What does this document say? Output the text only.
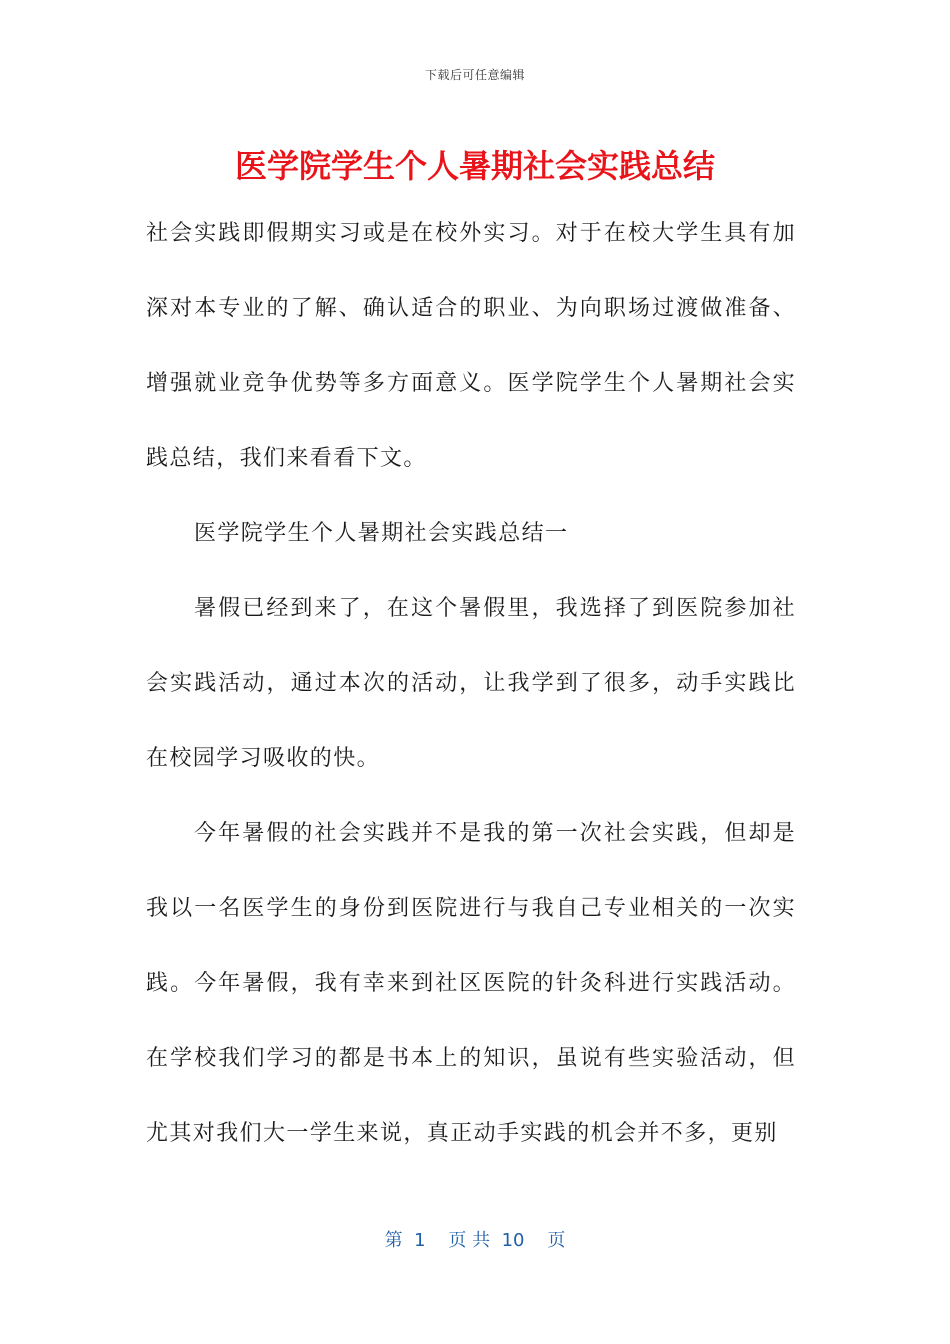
下载后可任意编辑
医学院学生个人暑期社会实践总结

社会实践即假期实习或是在校外实习。对于在校大学生具有加深对本专业的了解、确认适合的职业、为向职场过渡做准备、增强就业竞争优势等多方面意义。医学院学生个人暑期社会实践总结，我们来看看下文。

医学院学生个人暑期社会实践总结一

暑假已经到来了，在这个暑假里，我选择了到医院参加社会实践活动，通过本次的活动，让我学到了很多，动手实践比在校园学习吸收的快。

今年暑假的社会实践并不是我的第一次社会实践，但却是我以一名医学生的身份到医院进行与我自己专业相关的一次实践。今年暑假，我有幸来到社区医院的针灸科进行实践活动。在学校我们学习的都是书本上的知识，虽说有些实验活动，但尤其对我们大一学生来说，真正动手实践的机会并不多，更别

第  1    页 共  10    页
